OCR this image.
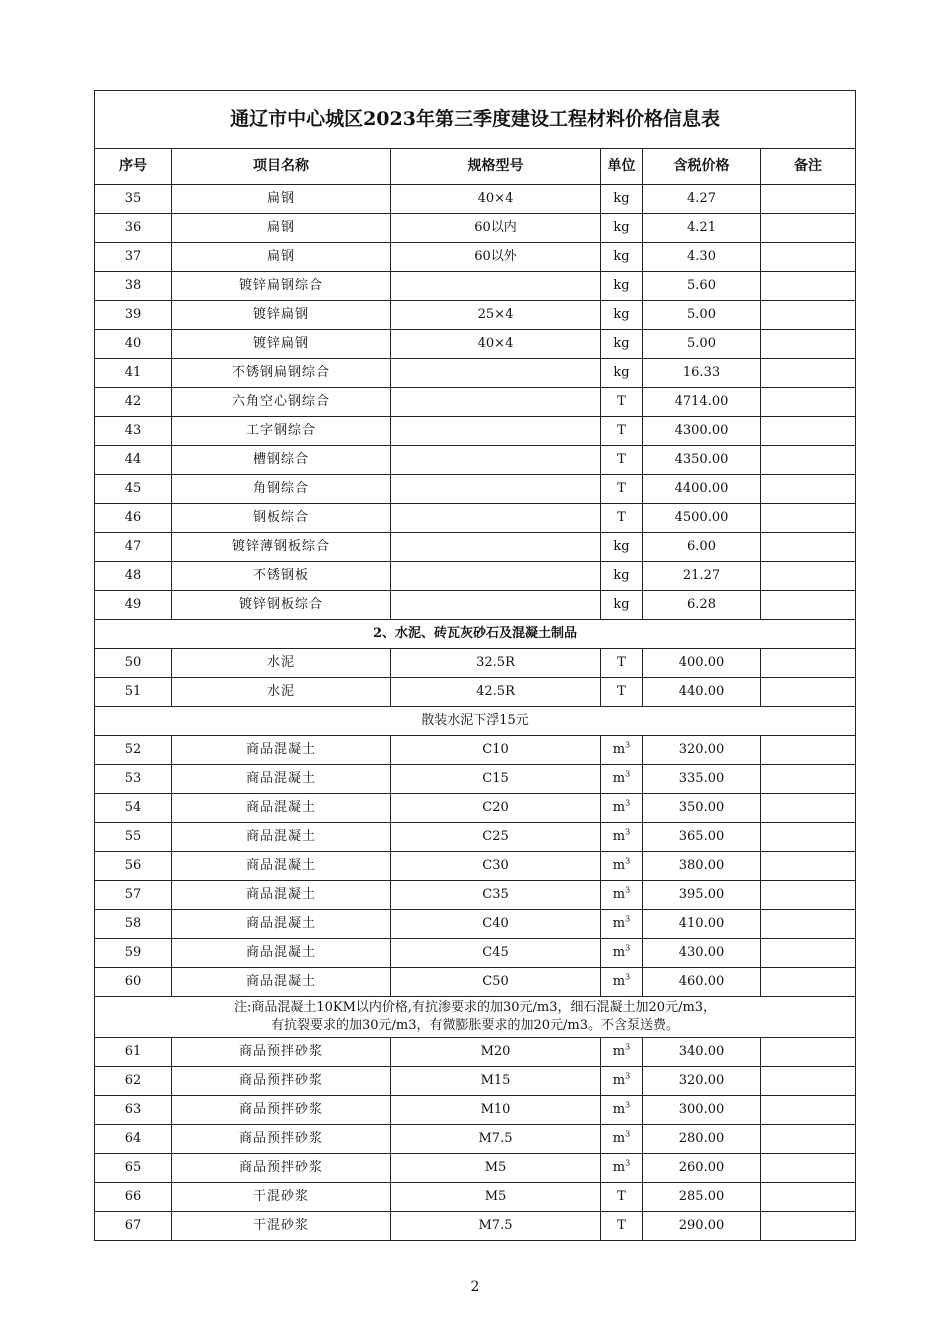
通辽市中心城区2023年第三季度建设工程材料价格信息表					
序号	项目名称	规格型号	单位	含税价格	备注
35	扁钢	40×4	kg	4.27	
36	扁钢	60以内	kg	4.21	
37	扁钢	60以外	kg	4.30	
38	镀锌扁钢综合		kg	5.60	
39	镀锌扁钢	25×4	kg	5.00	
40	镀锌扁钢	40×4	kg	5.00	
41	不锈钢扁钢综合		kg	16.33	
42	六角空心钢综合		T	4714.00	
43	工字钢综合		T	4300.00	
44	槽钢综合		T	4350.00	
45	角钢综合		T	4400.00	
46	钢板综合		T	4500.00	
47	镀锌薄钢板综合		kg	6.00	
48	不锈钢板		kg	21.27	
49	镀锌钢板综合		kg	6.28	
2、水泥、砖瓦灰砂石及混凝土制品					
50	水泥	32.5R	T	400.00	
51	水泥	42.5R	T	440.00	
散装水泥下浮15元					
52	商品混凝土	C10	$m^3$	320.00	
53	商品混凝土	C15	$m^3$	335.00	
54	商品混凝土	C20	$m^3$	350.00	
55	商品混凝土	C25	$m^3$	365.00	
56	商品混凝土	C30	$m^3$	380.00	
57	商品混凝土	C35	$m^3$	395.00	
58	商品混凝土	C40	$m^3$	410.00	
59	商品混凝土	C45	$m^3$	430.00	
60	商品混凝土	C50	$m^3$	460.00	

注:商品混凝土10KM以内价格,有抗渗要求的加30元/m3，细石混凝土加20元/m3，
有抗裂要求的加30元/m3，有微膨胀要求的加20元/m3。不含泵送费。					

61	商品预拌砂浆	M20	$m^3$	340.00	
62	商品预拌砂浆	M15	$m^3$	320.00	
63	商品预拌砂浆	M10	$m^3$	300.00	
64	商品预拌砂浆	M7.5	$m^3$	280.00	
65	商品预拌砂浆	M5	$m^3$	260.00	
66	干混砂浆	M5	T	285.00	
67	干混砂浆	M7.5	T	290.00	
2
